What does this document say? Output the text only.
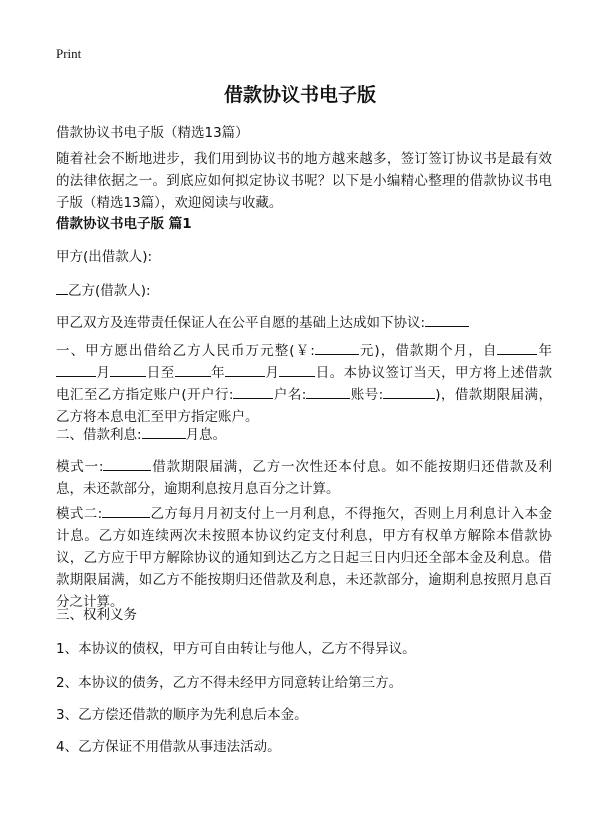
Print
借款协议书电子版
借款协议书电子版（精选13篇）

随着社会不断地进步，我们用到协议书的地方越来越多，签订签订协议书是最有效的法律依据之一。到底应如何拟定协议书呢？以下是小编精心整理的借款协议书电子版（精选13篇），欢迎阅读与收藏。

借款协议书电子版 篇1

甲方(出借款人):

乙方(借款人):

甲乙双方及连带责任保证人在公平自愿的基础上达成如下协议:

一、甲方愿出借给乙方人民币万元整(￥:	元)，借款期个月，自	年月	日至	年	月	日。本协议签订当天，甲方将上述借款电汇至乙方指定账户(开户行:	户名:	账号:	)，借款期限届满，乙方将本息电汇至甲方指定账户。

二、借款利息:	月息。

模式一:	借款期限届满，乙方一次性还本付息。如不能按期归还借款及利息，未还款部分，逾期利息按月息百分之计算。

模式二:	乙方每月月初支付上一月利息，不得拖欠，否则上月利息计入本金计息。乙方如连续两次未按照本协议约定支付利息，甲方有权单方解除本借款协议，乙方应于甲方解除协议的通知到达乙方之日起三日内归还全部本金及利息。借款期限届满，如乙方不能按期归还借款及利息，未还款部分，逾期利息按照月息百分之计算。

三、权利义务

1、本协议的债权，甲方可自由转让与他人，乙方不得异议。

2、本协议的债务，乙方不得未经甲方同意转让给第三方。

3、乙方偿还借款的顺序为先利息后本金。

4、乙方保证不用借款从事违法活动。
